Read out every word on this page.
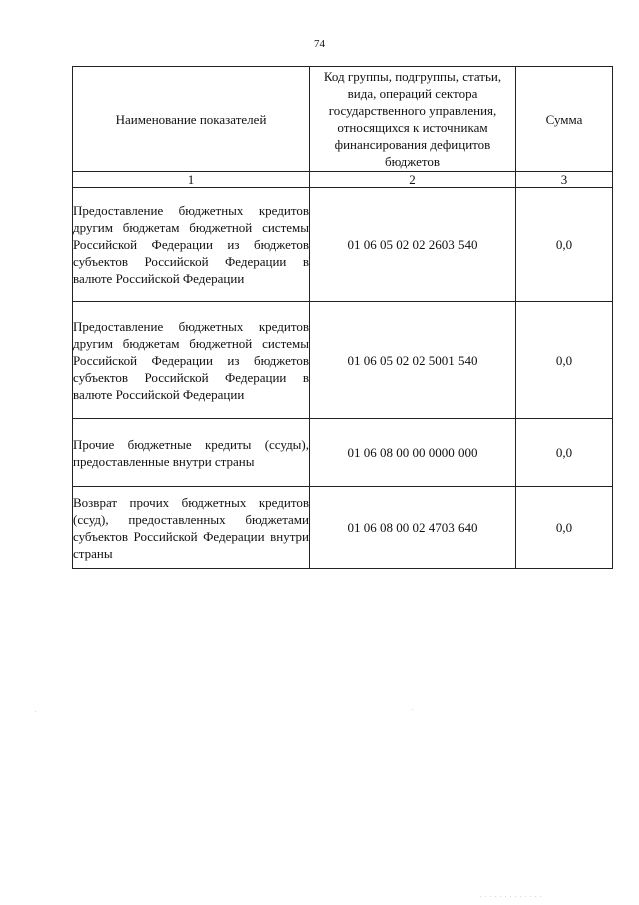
74
Наименование показателей	Код группы, подгруппы, статьи, вида, операций сектора государственного управления, относящихся к источникам финансирования дефицитов бюджетов	Сумма
1	2	3
Предоставление бюджетных кредитов другим бюджетам бюджетной системы Российской Федерации из бюджетов субъектов Российской Федерации в валюте Российской Федерации	01 06 05 02 02 2603 540	0,0
Предоставление бюджетных кредитов другим бюджетам бюджетной системы Российской Федерации из бюджетов субъектов Российской Федерации в валюте Российской Федерации	01 06 05 02 02 5001 540	0,0
Прочие бюджетные кредиты (ссуды), предоставленные внутри страны	01 06 08 00 00 0000 000	0,0
Возврат прочих бюджетных кредитов (ссуд), предоставленных бюджетами субъектов Российской Федерации внутри страны	01 06 08 00 02 4703 640	0,0
.	.
. . . . . . . . . . . . .
